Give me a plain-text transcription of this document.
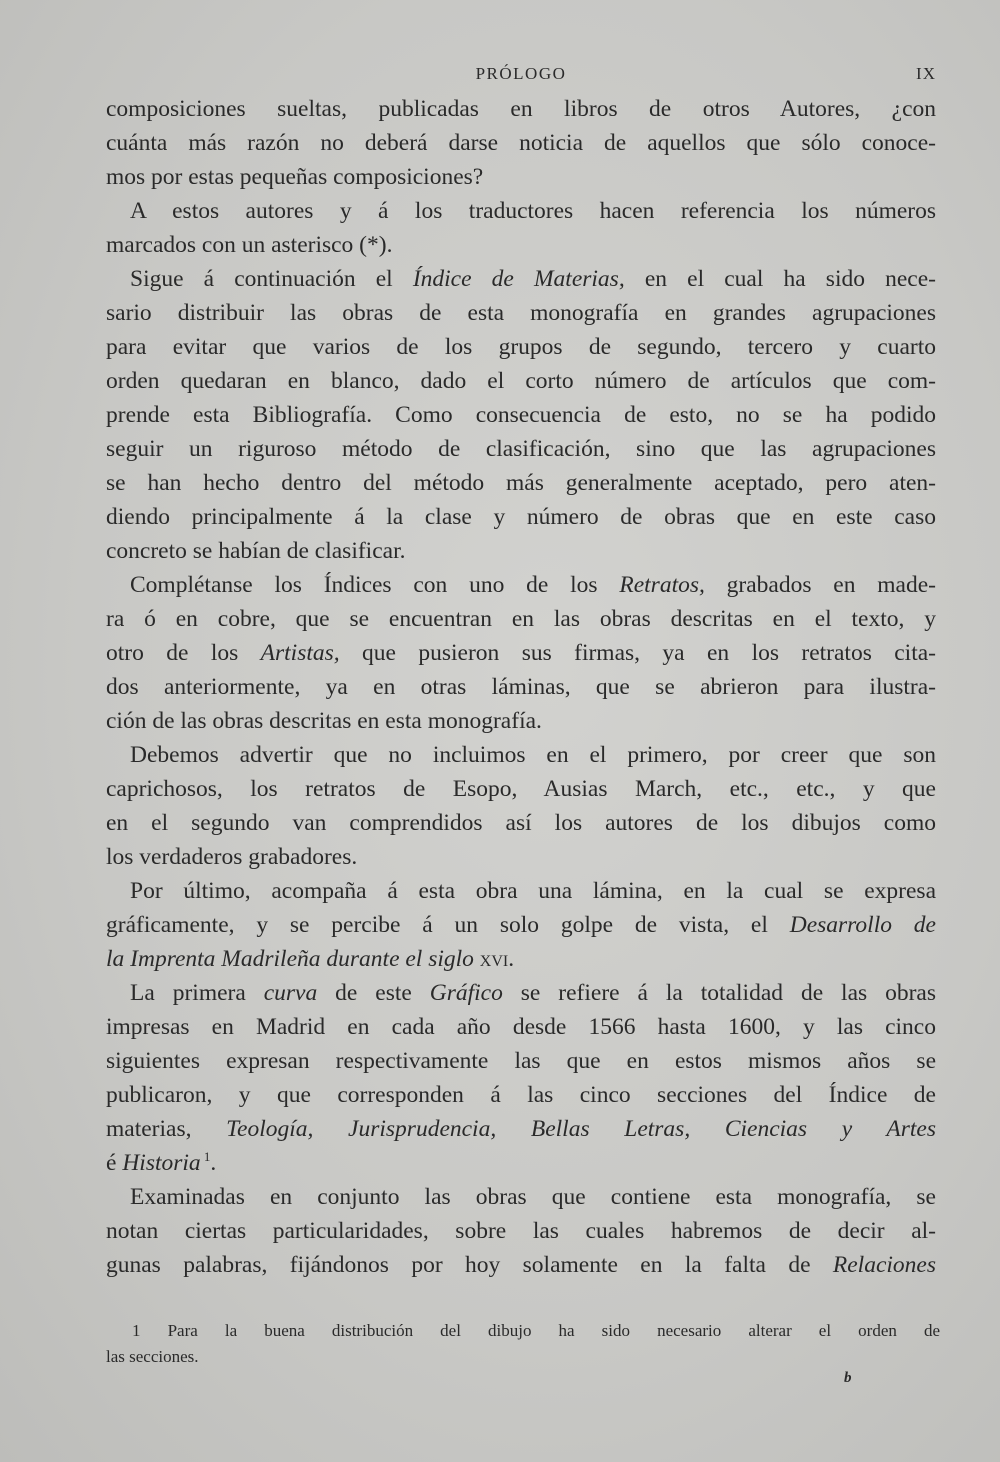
PRÓLOGO	IX
composiciones sueltas, publicadas en libros de otros Autores, ¿con
cuánta más razón no deberá darse noticia de aquellos que sólo conoce-
mos por estas pequeñas composiciones?
A estos autores y á los traductores hacen referencia los números
marcados con un asterisco (*).
Sigue á continuación el Índice de Materias, en el cual ha sido nece-
sario distribuir las obras de esta monografía en grandes agrupaciones
para evitar que varios de los grupos de segundo, tercero y cuarto
orden quedaran en blanco, dado el corto número de artículos que com-
prende esta Bibliografía. Como consecuencia de esto, no se ha podido
seguir un riguroso método de clasificación, sino que las agrupaciones
se han hecho dentro del método más generalmente aceptado, pero aten-
diendo principalmente á la clase y número de obras que en este caso
concreto se habían de clasificar.
Complétanse los Índices con uno de los Retratos, grabados en made-
ra ó en cobre, que se encuentran en las obras descritas en el texto, y
otro de los Artistas, que pusieron sus firmas, ya en los retratos cita-
dos anteriormente, ya en otras láminas, que se abrieron para ilustra-
ción de las obras descritas en esta monografía.
Debemos advertir que no incluimos en el primero, por creer que son
caprichosos, los retratos de Esopo, Ausias March, etc., etc., y que
en el segundo van comprendidos así los autores de los dibujos como
los verdaderos grabadores.
Por último, acompaña á esta obra una lámina, en la cual se expresa
gráficamente, y se percibe á un solo golpe de vista, el Desarrollo de
la Imprenta Madrileña durante el siglo xvi.
La primera curva de este Gráfico se refiere á la totalidad de las obras
impresas en Madrid en cada año desde 1566 hasta 1600, y las cinco
siguientes expresan respectivamente las que en estos mismos años se
publicaron, y que corresponden á las cinco secciones del Índice de
materias, Teología, Jurisprudencia, Bellas Letras, Ciencias y Artes
é Historia $^1$.
Examinadas en conjunto las obras que contiene esta monografía, se
notan ciertas particularidades, sobre las cuales habremos de decir al-
gunas palabras, fijándonos por hoy solamente en la falta de Relaciones
1 Para la buena distribución del dibujo ha sido necesario alterar el orden de
las secciones.
b
